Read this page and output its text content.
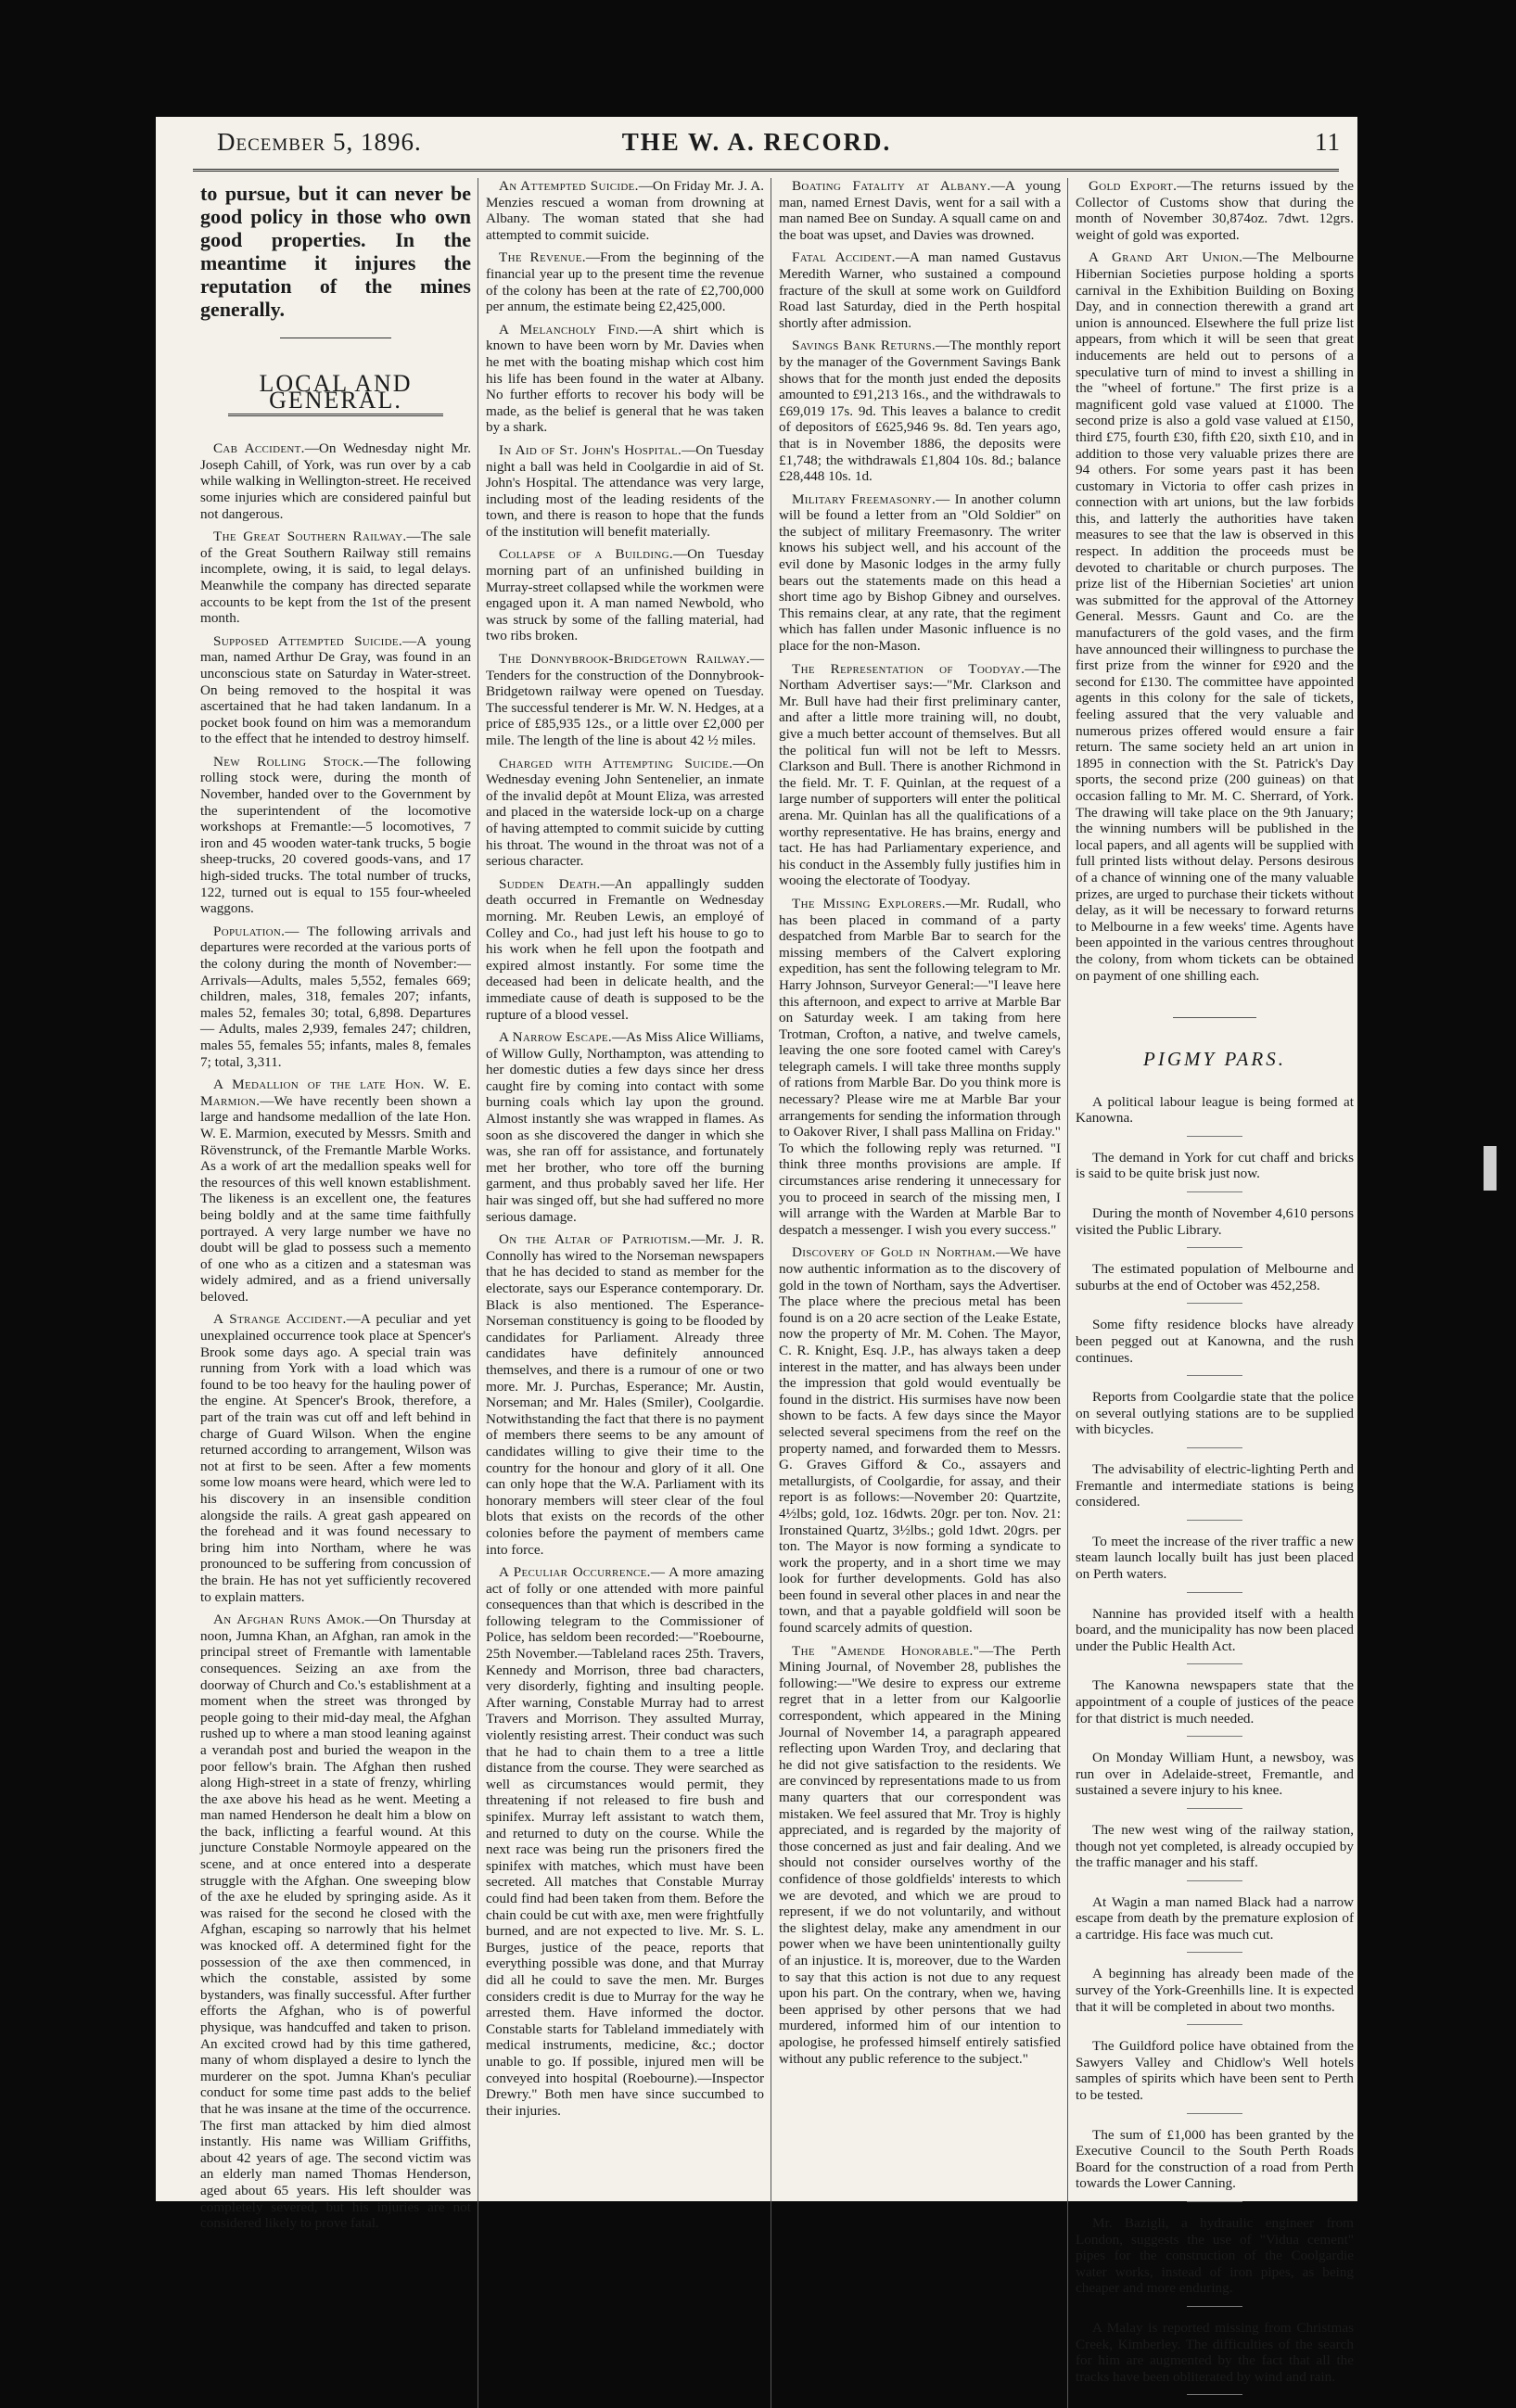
December 5, 1896.	THE W. A. RECORD.	11
to pursue, but it can never be good policy in those who own good properties. In the meantime it injures the reputation of the mines generally.
LOCAL AND GENERAL.

Cab Accident.—On Wednesday night Mr. Joseph Cahill, of York, was run over by a cab while walking in Wellington-street. He received some injuries which are considered painful but not dangerous.

The Great Southern Railway.—The sale of the Great Southern Railway still remains incomplete, owing, it is said, to legal delays. Meanwhile the company has directed separate accounts to be kept from the 1st of the present month.

Supposed Attempted Suicide.—A young man, named Arthur De Gray, was found in an unconscious state on Saturday in Water-street. On being removed to the hospital it was ascertained that he had taken landanum. In a pocket book found on him was a memorandum to the effect that he intended to destroy himself.

New Rolling Stock.—The following rolling stock were, during the month of November, handed over to the Government by the superintendent of the locomotive workshops at Fremantle:—5 locomotives, 7 iron and 45 wooden water-tank trucks, 5 bogie sheep-trucks, 20 covered goods-vans, and 17 high-sided trucks. The total number of trucks, 122, turned out is equal to 155 four-wheeled waggons.

Population.— The following arrivals and departures were recorded at the various ports of the colony during the month of November:—Arrivals—Adults, males 5,552, females 669; children, males, 318, females 207; infants, males 52, females 30; total, 6,898. Departures — Adults, males 2,939, females 247; children, males 55, females 55; infants, males 8, females 7; total, 3,311.

A Medallion of the late Hon. W. E. Marmion.—We have recently been shown a large and handsome medallion of the late Hon. W. E. Marmion, executed by Messrs. Smith and Rövenstrunck, of the Fremantle Marble Works. As a work of art the medallion speaks well for the resources of this well known establishment. The likeness is an excellent one, the features being boldly and at the same time faithfully portrayed. A very large number we have no doubt will be glad to possess such a memento of one who as a citizen and a statesman was widely admired, and as a friend universally beloved.

A Strange Accident.—A peculiar and yet unexplained occurrence took place at Spencer's Brook some days ago. A special train was running from York with a load which was found to be too heavy for the hauling power of the engine. At Spencer's Brook, therefore, a part of the train was cut off and left behind in charge of Guard Wilson. When the engine returned according to arrangement, Wilson was not at first to be seen. After a few moments some low moans were heard, which were led to his discovery in an insensible condition alongside the rails. A great gash appeared on the forehead and it was found necessary to bring him into Northam, where he was pronounced to be suffering from concussion of the brain. He has not yet sufficiently recovered to explain matters.

An Afghan Runs Amok.—On Thursday at noon, Jumna Khan, an Afghan, ran amok in the principal street of Fremantle with lamentable consequences. Seizing an axe from the doorway of Church and Co.'s establishment at a moment when the street was thronged by people going to their mid-day meal, the Afghan rushed up to where a man stood leaning against a verandah post and buried the weapon in the poor fellow's brain. The Afghan then rushed along High-street in a state of frenzy, whirling the axe above his head as he went. Meeting a man named Henderson he dealt him a blow on the back, inflicting a fearful wound. At this juncture Constable Normoyle appeared on the scene, and at once entered into a desperate struggle with the Afghan. One sweeping blow of the axe he eluded by springing aside. As it was raised for the second he closed with the Afghan, escaping so narrowly that his helmet was knocked off. A determined fight for the possession of the axe then commenced, in which the constable, assisted by some bystanders, was finally successful. After further efforts the Afghan, who is of powerful physique, was handcuffed and taken to prison. An excited crowd had by this time gathered, many of whom displayed a desire to lynch the murderer on the spot. Jumna Khan's peculiar conduct for some time past adds to the belief that he was insane at the time of the occurrence. The first man attacked by him died almost instantly. His name was William Griffiths, about 42 years of age. The second victim was an elderly man named Thomas Henderson, aged about 65 years. His left shoulder was completely severed, but his injuries are not considered likely to prove fatal.

An Attempted Suicide.—On Friday Mr. J. A. Menzies rescued a woman from drowning at Albany. The woman stated that she had attempted to commit suicide.

The Revenue.—From the beginning of the financial year up to the present time the revenue of the colony has been at the rate of £2,700,000 per annum, the estimate being £2,425,000.

A Melancholy Find.—A shirt which is known to have been worn by Mr. Davies when he met with the boating mishap which cost him his life has been found in the water at Albany. No further efforts to recover his body will be made, as the belief is general that he was taken by a shark.

In Aid of St. John's Hospital.—On Tuesday night a ball was held in Coolgardie in aid of St. John's Hospital. The attendance was very large, including most of the leading residents of the town, and there is reason to hope that the funds of the institution will benefit materially.

Collapse of a Building.—On Tuesday morning part of an unfinished building in Murray-street collapsed while the workmen were engaged upon it. A man named Newbold, who was struck by some of the falling material, had two ribs broken.

The Donnybrook-Bridgetown Railway.—Tenders for the construction of the Donnybrook-Bridgetown railway were opened on Tuesday. The successful tenderer is Mr. W. N. Hedges, at a price of £85,935 12s., or a little over £2,000 per mile. The length of the line is about 42 ½ miles.

Charged with Attempting Suicide.—On Wednesday evening John Sentenelier, an inmate of the invalid depôt at Mount Eliza, was arrested and placed in the waterside lock-up on a charge of having attempted to commit suicide by cutting his throat. The wound in the throat was not of a serious character.

Sudden Death.—An appallingly sudden death occurred in Fremantle on Wednesday morning. Mr. Reuben Lewis, an employé of Colley and Co., had just left his house to go to his work when he fell upon the footpath and expired almost instantly. For some time the deceased had been in delicate health, and the immediate cause of death is supposed to be the rupture of a blood vessel.

A Narrow Escape.—As Miss Alice Williams, of Willow Gully, Northampton, was attending to her domestic duties a few days since her dress caught fire by coming into contact with some burning coals which lay upon the ground. Almost instantly she was wrapped in flames. As soon as she discovered the danger in which she was, she ran off for assistance, and fortunately met her brother, who tore off the burning garment, and thus probably saved her life. Her hair was singed off, but she had suffered no more serious damage.

On the Altar of Patriotism.—Mr. J. R. Connolly has wired to the Norseman newspapers that he has decided to stand as member for the electorate, says our Esperance contemporary. Dr. Black is also mentioned. The Esperance-Norseman constituency is going to be flooded by candidates for Parliament. Already three candidates have definitely announced themselves, and there is a rumour of one or two more. Mr. J. Purchas, Esperance; Mr. Austin, Norseman; and Mr. Hales (Smiler), Coolgardie. Notwithstanding the fact that there is no payment of members there seems to be any amount of candidates willing to give their time to the country for the honour and glory of it all. One can only hope that the W.A. Parliament with its honorary members will steer clear of the foul blots that exists on the records of the other colonies before the payment of members came into force.

A Peculiar Occurrence.— A more amazing act of folly or one attended with more painful consequences than that which is described in the following telegram to the Commissioner of Police, has seldom been recorded:—"Roebourne, 25th November.—Tableland races 25th. Travers, Kennedy and Morrison, three bad characters, very disorderly, fighting and insulting people. After warning, Constable Murray had to arrest Travers and Morrison. They assulted Murray, violently resisting arrest. Their conduct was such that he had to chain them to a tree a little distance from the course. They were searched as well as circumstances would permit, they threatening if not released to fire bush and spinifex. Murray left assistant to watch them, and returned to duty on the course. While the next race was being run the prisoners fired the spinifex with matches, which must have been secreted. All matches that Constable Murray could find had been taken from them. Before the chain could be cut with axe, men were frightfully burned, and are not expected to live. Mr. S. L. Burges, justice of the peace, reports that everything possible was done, and that Murray did all he could to save the men. Mr. Burges considers credit is due to Murray for the way he arrested them. Have informed the doctor. Constable starts for Tableland immediately with medical instruments, medicine, &c.; doctor unable to go. If possible, injured men will be conveyed into hospital (Roebourne).—Inspector Drewry." Both men have since succumbed to their injuries.

Boating Fatality at Albany.—A young man, named Ernest Davis, went for a sail with a man named Bee on Sunday. A squall came on and the boat was upset, and Davies was drowned.

Fatal Accident.—A man named Gustavus Meredith Warner, who sustained a compound fracture of the skull at some work on Guildford Road last Saturday, died in the Perth hospital shortly after admission.

Savings Bank Returns.—The monthly report by the manager of the Government Savings Bank shows that for the month just ended the deposits amounted to £91,213 16s., and the withdrawals to £69,019 17s. 9d. This leaves a balance to credit of depositors of £625,946 9s. 8d. Ten years ago, that is in November 1886, the deposits were £1,748; the withdrawals £1,804 10s. 8d.; balance £28,448 10s. 1d.

Military Freemasonry.— In another column will be found a letter from an "Old Soldier" on the subject of military Freemasonry. The writer knows his subject well, and his account of the evil done by Masonic lodges in the army fully bears out the statements made on this head a short time ago by Bishop Gibney and ourselves. This remains clear, at any rate, that the regiment which has fallen under Masonic influence is no place for the non-Mason.

The Representation of Toodyay.—The Northam Advertiser says:—"Mr. Clarkson and Mr. Bull have had their first preliminary canter, and after a little more training will, no doubt, give a much better account of themselves. But all the political fun will not be left to Messrs. Clarkson and Bull. There is another Richmond in the field. Mr. T. F. Quinlan, at the request of a large number of supporters will enter the political arena. Mr. Quinlan has all the qualifications of a worthy representative. He has brains, energy and tact. He has had Parliamentary experience, and his conduct in the Assembly fully justifies him in wooing the electorate of Toodyay.

The Missing Explorers.—Mr. Rudall, who has been placed in command of a party despatched from Marble Bar to search for the missing members of the Calvert exploring expedition, has sent the following telegram to Mr. Harry Johnson, Surveyor General:—"I leave here this afternoon, and expect to arrive at Marble Bar on Saturday week. I am taking from here Trotman, Crofton, a native, and twelve camels, leaving the one sore footed camel with Carey's telegraph camels. I will take three months supply of rations from Marble Bar. Do you think more is necessary? Please wire me at Marble Bar your arrangements for sending the information through to Oakover River, I shall pass Mallina on Friday." To which the following reply was returned. "I think three months provisions are ample. If circumstances arise rendering it unnecessary for you to proceed in search of the missing men, I will arrange with the Warden at Marble Bar to despatch a messenger. I wish you every success."

Discovery of Gold in Northam.—We have now authentic information as to the discovery of gold in the town of Northam, says the Advertiser. The place where the precious metal has been found is on a 20 acre section of the Leake Estate, now the property of Mr. M. Cohen. The Mayor, C. R. Knight, Esq. J.P., has always taken a deep interest in the matter, and has always been under the impression that gold would eventually be found in the district. His surmises have now been shown to be facts. A few days since the Mayor selected several specimens from the reef on the property named, and forwarded them to Messrs. G. Graves Gifford & Co., assayers and metallurgists, of Coolgardie, for assay, and their report is as follows:—November 20: Quartzite, 4½lbs; gold, 1oz. 16dwts. 20gr. per ton. Nov. 21: Ironstained Quartz, 3½lbs.; gold 1dwt. 20grs. per ton. The Mayor is now forming a syndicate to work the property, and in a short time we may look for further developments. Gold has also been found in several other places in and near the town, and that a payable goldfield will soon be found scarcely admits of question.

The "Amende Honorable."—The Perth Mining Journal, of November 28, publishes the following:—"We desire to express our extreme regret that in a letter from our Kalgoorlie correspondent, which appeared in the Mining Journal of November 14, a paragraph appeared reflecting upon Warden Troy, and declaring that he did not give satisfaction to the residents. We are convinced by representations made to us from many quarters that our correspondent was mistaken. We feel assured that Mr. Troy is highly appreciated, and is regarded by the majority of those concerned as just and fair dealing. And we should not consider ourselves worthy of the confidence of those goldfields' interests to which we are devoted, and which we are proud to represent, if we do not voluntarily, and without the slightest delay, make any amendment in our power when we have been unintentionally guilty of an injustice. It is, moreover, due to the Warden to say that this action is not due to any request upon his part. On the contrary, when we, having been apprised by other persons that we had murdered, informed him of our intention to apologise, he professed himself entirely satisfied without any public reference to the subject."

Gold Export.—The returns issued by the Collector of Customs show that during the month of November 30,874oz. 7dwt. 12grs. weight of gold was exported.

A Grand Art Union.—The Melbourne Hibernian Societies purpose holding a sports carnival in the Exhibition Building on Boxing Day, and in connection therewith a grand art union is announced. Elsewhere the full prize list appears, from which it will be seen that great inducements are held out to persons of a speculative turn of mind to invest a shilling in the "wheel of fortune." The first prize is a magnificent gold vase valued at £1000. The second prize is also a gold vase valued at £150, third £75, fourth £30, fifth £20, sixth £10, and in addition to those very valuable prizes there are 94 others. For some years past it has been customary in Victoria to offer cash prizes in connection with art unions, but the law forbids this, and latterly the authorities have taken measures to see that the law is observed in this respect. In addition the proceeds must be devoted to charitable or church purposes. The prize list of the Hibernian Societies' art union was submitted for the approval of the Attorney General. Messrs. Gaunt and Co. are the manufacturers of the gold vases, and the firm have announced their willingness to purchase the first prize from the winner for £920 and the second for £130. The committee have appointed agents in this colony for the sale of tickets, feeling assured that the very valuable and numerous prizes offered would ensure a fair return. The same society held an art union in 1895 in connection with the St. Patrick's Day sports, the second prize (200 guineas) on that occasion falling to Mr. M. C. Sherrard, of York. The drawing will take place on the 9th January; the winning numbers will be published in the local papers, and all agents will be supplied with full printed lists without delay. Persons desirous of a chance of winning one of the many valuable prizes, are urged to purchase their tickets without delay, as it will be necessary to forward returns to Melbourne in a few weeks' time. Agents have been appointed in the various centres throughout the colony, from whom tickets can be obtained on payment of one shilling each.

PIGMY PARS.

A political labour league is being formed at Kanowna.

The demand in York for cut chaff and bricks is said to be quite brisk just now.

During the month of November 4,610 persons visited the Public Library.

The estimated population of Melbourne and suburbs at the end of October was 452,258.

Some fifty residence blocks have already been pegged out at Kanowna, and the rush continues.

Reports from Coolgardie state that the police on several outlying stations are to be supplied with bicycles.

The advisability of electric-lighting Perth and Fremantle and intermediate stations is being considered.

To meet the increase of the river traffic a new steam launch locally built has just been placed on Perth waters.

Nannine has provided itself with a health board, and the municipality has now been placed under the Public Health Act.

The Kanowna newspapers state that the appointment of a couple of justices of the peace for that district is much needed.

On Monday William Hunt, a newsboy, was run over in Adelaide-street, Fremantle, and sustained a severe injury to his knee.

The new west wing of the railway station, though not yet completed, is already occupied by the traffic manager and his staff.

At Wagin a man named Black had a narrow escape from death by the premature explosion of a cartridge. His face was much cut.

A beginning has already been made of the survey of the York-Greenhills line. It is expected that it will be completed in about two months.

The Guildford police have obtained from the Sawyers Valley and Chidlow's Well hotels samples of spirits which have been sent to Perth to be tested.

The sum of £1,000 has been granted by the Executive Council to the South Perth Roads Board for the construction of a road from Perth towards the Lower Canning.

Mr. Bazigli, a hydraulic engineer from London, suggests the use of "Vidua cement" pipes for the construction of the Coolgardie water works, instead of iron pipes, as being cheaper and more enduring.

A Malay is reported missing from Christmas Creek, Kimberley. The difficulties of the search for him are augmented by the fact that all the tracks have been obliterated by wind and rain.
